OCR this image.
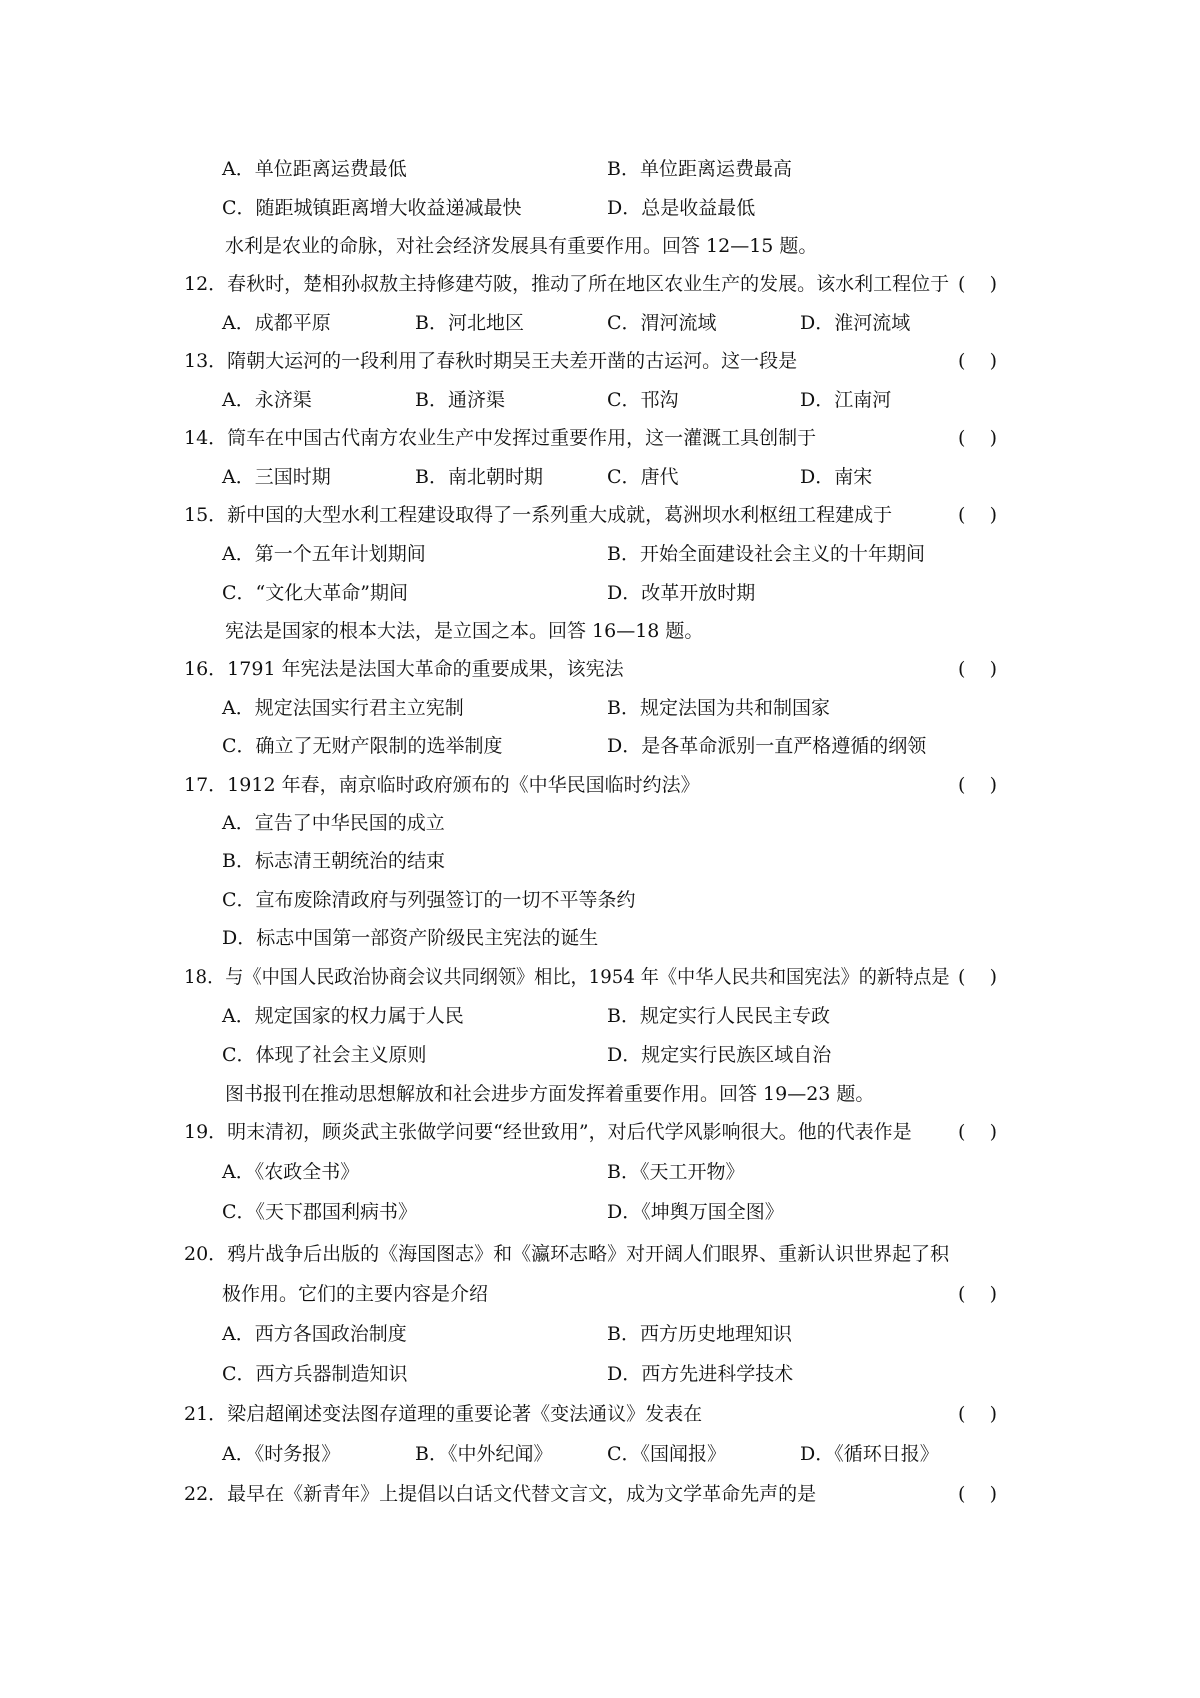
A．单位距离运费最低	B．单位距离运费最高
C．随距城镇距离增大收益递减最快	D．总是收益最低
水利是农业的命脉，对社会经济发展具有重要作用。回答 12—15 题。
12．春秋时，楚相孙叔敖主持修建芍陂，推动了所在地区农业生产的发展。该水利工程位于 (    )
A．成都平原	B．河北地区	C．渭河流域	D．淮河流域
13．隋朝大运河的一段利用了春秋时期吴王夫差开凿的古运河。这一段是	(    )
A．永济渠	B．通济渠	C．邗沟	D．江南河
14．筒车在中国古代南方农业生产中发挥过重要作用，这一灌溉工具创制于	(    )
A．三国时期	B．南北朝时期	C．唐代	D．南宋
15．新中国的大型水利工程建设取得了一系列重大成就，葛洲坝水利枢纽工程建成于	(    )
A．第一个五年计划期间	B．开始全面建设社会主义的十年期间
C．“文化大革命”期间	D．改革开放时期
宪法是国家的根本大法，是立国之本。回答 16—18 题。
16．1791 年宪法是法国大革命的重要成果，该宪法	(    )
A．规定法国实行君主立宪制	B．规定法国为共和制国家
C．确立了无财产限制的选举制度	D．是各革命派别一直严格遵循的纲领
17．1912 年春，南京临时政府颁布的《中华民国临时约法》	(    )
A．宣告了中华民国的成立
B．标志清王朝统治的结束
C．宣布废除清政府与列强签订的一切不平等条约
D．标志中国第一部资产阶级民主宪法的诞生
18．与《中国人民政治协商会议共同纲领》相比，1954 年《中华人民共和国宪法》的新特点是 (    )
A．规定国家的权力属于人民	B．规定实行人民民主专政
C．体现了社会主义原则	D．规定实行民族区域自治
图书报刊在推动思想解放和社会进步方面发挥着重要作用。回答 19—23 题。
19．明末清初，顾炎武主张做学问要“经世致用”，对后代学风影响很大。他的代表作是 (    )
A．《农政全书》	B．《天工开物》
C．《天下郡国利病书》	D．《坤舆万国全图》
20．鸦片战争后出版的《海国图志》和《瀛环志略》对开阔人们眼界、重新认识世界起了积
极作用。它们的主要内容是介绍	(    )
A．西方各国政治制度	B．西方历史地理知识
C．西方兵器制造知识	D．西方先进科学技术
21．梁启超阐述变法图存道理的重要论著《变法通议》发表在	(    )
A．《时务报》	B．《中外纪闻》	C．《国闻报》	D．《循环日报》
22．最早在《新青年》上提倡以白话文代替文言文，成为文学革命先声的是	(    )
